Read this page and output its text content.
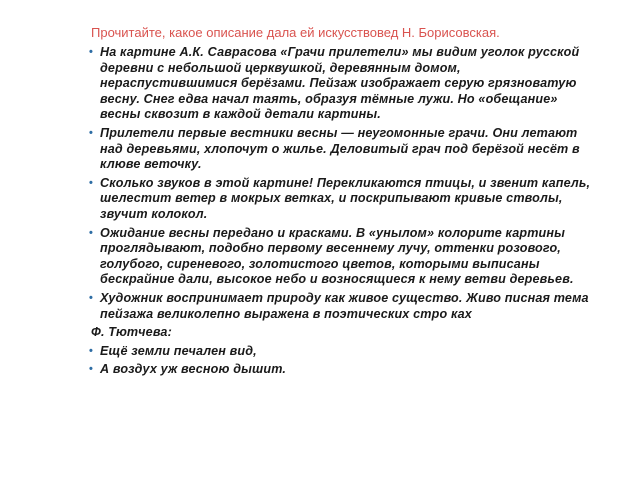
Прочитайте, какое описание дала ей искусствовед Н. Борисовская.
• На картине А.К. Саврасова «Грачи прилетели» мы видим уголок русской деревни с небольшой церквушкой, деревянным домом, нераспустившимися берёзами. Пейзаж изображает серую грязноватую весну. Снег едва начал таять, образуя тёмные лужи. Но «обещание» весны сквозит в каждой детали картины.
• Прилетели первые вестники весны — неугомонные грачи. Они летают над деревьями, хлопочут о жилье. Деловитый грач под берёзой несёт в клюве веточку.
• Сколько звуков в этой картине! Перекликаются птицы, и звенит капель, шелестит ветер в мокрых ветках, и поскрипывают кривые стволы, звучит колокол.
• Ожидание весны передано и красками. В «унылом» колорите картины проглядывают, подобно первому весеннему лучу, оттенки розового, голубого, сиреневого, золотистого цветов, которыми выписаны бескрайние дали, высокое небо и возносящиеся к нему ветви деревьев.
• Художник воспринимает природу как живое существо. Живо писная тема пейзажа великолепно выражена в поэтических стро ках
Ф. Тютчева:
• Ещё земли печален вид,
• А воздух уж весною дышит.
